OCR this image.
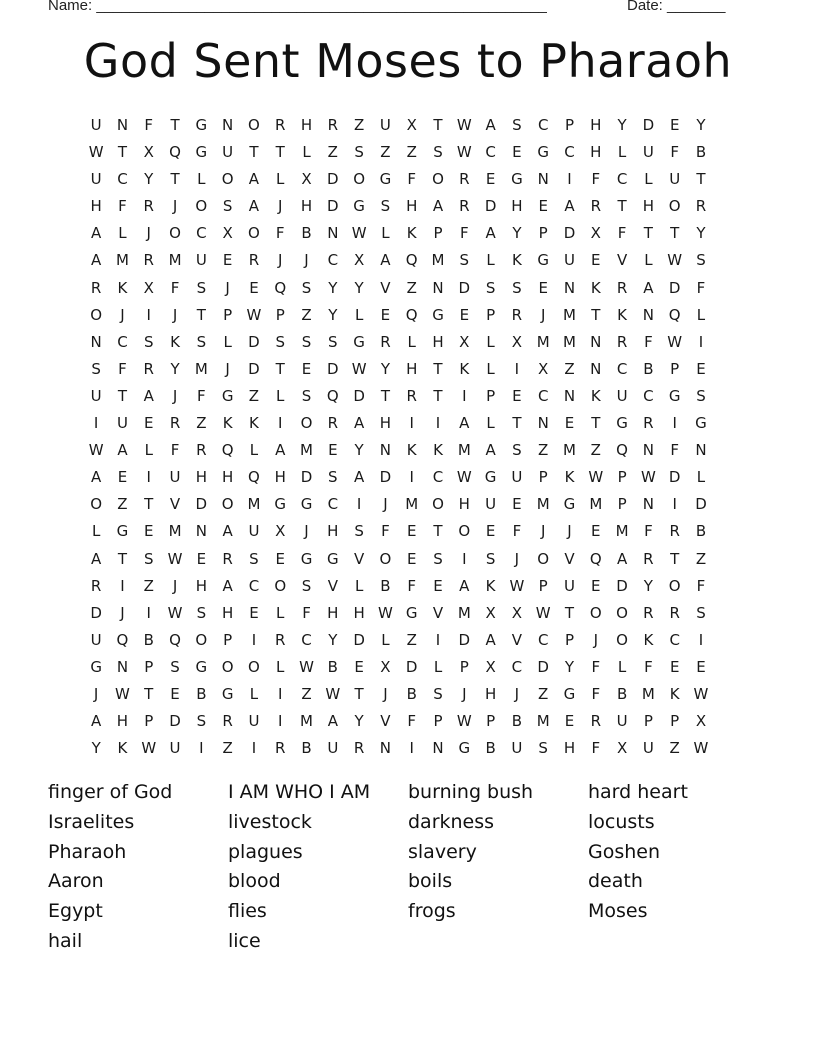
Name: ______________________________________________________	Date: _______
God Sent Moses to Pharaoh
U	N	F	T	G N O	R	H	R	Z	U	X	T W A	S	C	P	H	Y	D	E	Y
W T	X	Q G	U	T	T	L	Z	S	Z	Z	S W C	E	G	C	H	L	U	F	B
U	C	Y	T	L	O	A	L	X	D O G	F	O	R	E	G N	I	F	C	L	U	T
H	F	R	J	O	S	A	J	H D G	S	H	A	R	D H	E	A	R	T	H O	R
A	L	J	O	C	X	O	F	B	N W L	K	P	F	A	Y	P	D	X	F	T	T	Y
A M R M U	E	R	J	J	C	X	A	Q M	S	L	K	G	U	E	V	L W S
R	K	X	F	S	J	E	Q	S	Y	Y	V	Z	N D	S	S	E	N	K	R	A	D	F
O	J	I	J	T	P W P	Z	Y	L	E	Q G	E	P	R	J	M	T	K	N Q	L
N	C	S	K	S	L	D	S	S	S	G	R	L	H	X	L	X M M N	R	F W	I
S	F	R	Y	M	J	D	T	E	D W Y	H	T	K	L	I	X	Z	N	C	B	P	E
U	T	A	J	F	G	Z	L	S	Q D	T	R	T	I	P	E	C	N	K	U	C	G	S
I	U	E	R	Z	K	K	I	O	R	A	H	I	I	A	L	T	N	E	T	G	R	I	G
W A	L	F	R	Q	L	A M	E	Y	N	K	K M A	S	Z M Z	Q N	F	N
A	E	I	U	H	H Q H D	S	A	D	I	C W G	U	P	K W P W D	L
O	Z	T	V	D O M G G	C	I	J	M O H	U	E	M G M	P	N	I	D
L	G	E	M N	A	U	X	J	H	S	F	E	T	O	E	F	J	J	E	M	F	R	B
A	T	S W E	R	S	E	G G	V	O	E	S	I	S	J	O	V	Q	A	R	T	Z
R	I	Z	J	H	A	C	O	S	V	L	B	F	E	A	K W P	U	E	D	Y	O	F
D	J	I	W S	H	E	L	F	H	H W G	V M X	X W T	O O	R	R	S
U Q	B	Q O	P	I	R	C	Y	D	L	Z	I	D	A	V	C	P	J	O	K	C	I
G N	P	S	G O O	L W B	E	X	D	L	P	X	C	D	Y	F	L	F	E	E
J	W T	E	B	G	L	I	Z W T	J	B	S	J	H	J	Z	G	F	B M K W
A	H	P	D	S	R	U	I	M A	Y	V	F	P W P	B M	E	R	U	P	P	X
Y	K W U	I	Z	I	R	B	U	R	N	I	N G	B	U	S	H	F	X	U	Z W
finger of God	I AM WHO I AM	burning bush	hard heart
Israelites	livestock	darkness	locusts
Pharaoh	plagues	slavery	Goshen
Aaron	blood	boils	death
Egypt	flies	frogs	Moses
hail	lice
